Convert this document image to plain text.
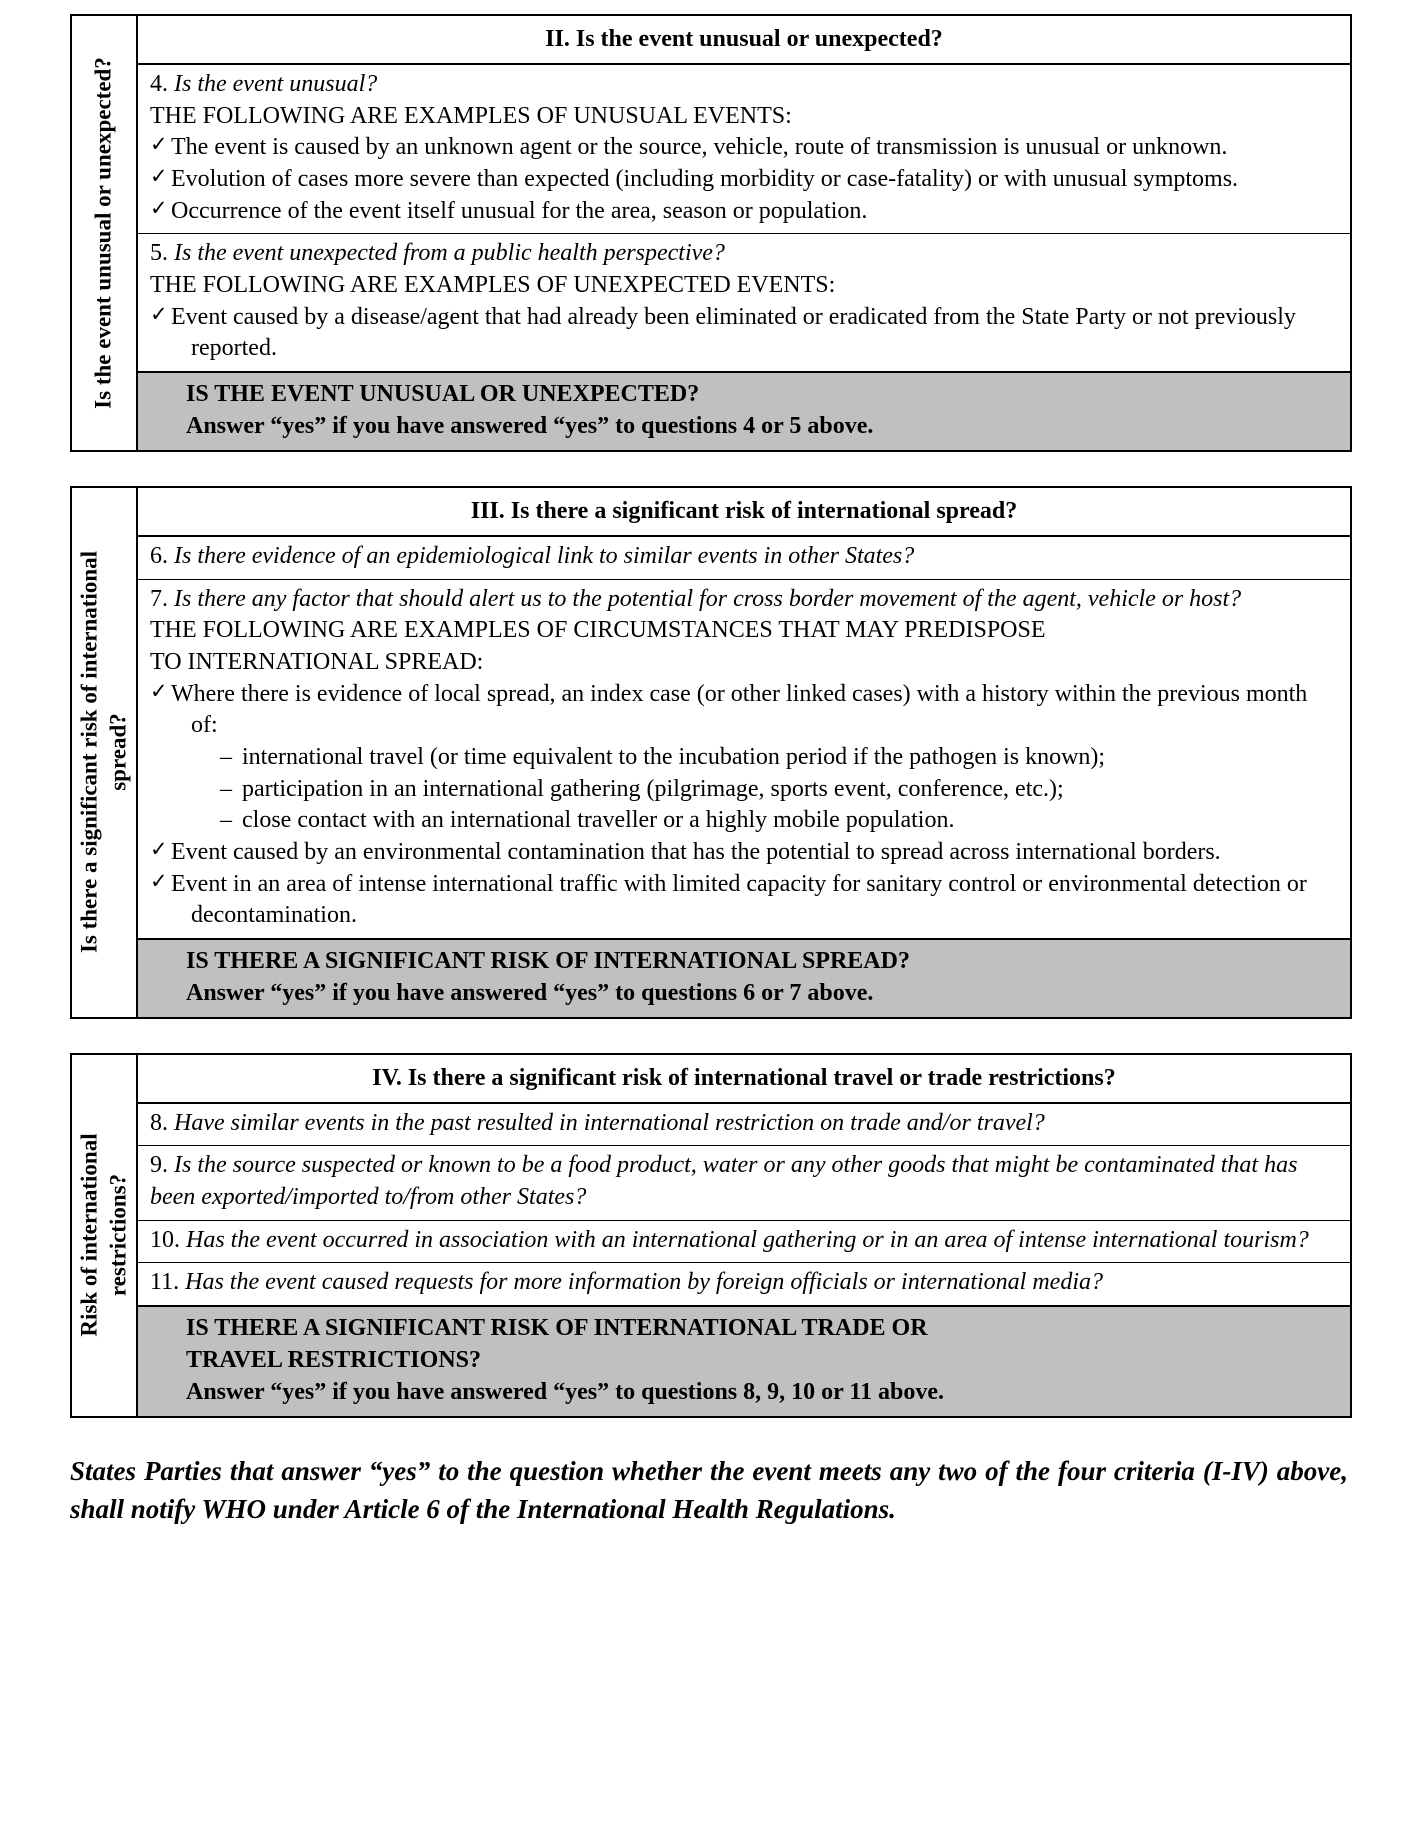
Is the event unusual or unexpected?
II. Is the event unusual or unexpected?
4. Is the event unusual?
THE FOLLOWING ARE EXAMPLES OF UNUSUAL EVENTS:
✓ The event is caused by an unknown agent or the source, vehicle, route of transmission is unusual or unknown.
✓ Evolution of cases more severe than expected (including morbidity or case-fatality) or with unusual symptoms.
✓ Occurrence of the event itself unusual for the area, season or population.
5. Is the event unexpected from a public health perspective?
THE FOLLOWING ARE EXAMPLES OF UNEXPECTED EVENTS:
✓ Event caused by a disease/agent that had already been eliminated or eradicated from the State Party or not previously reported.
IS THE EVENT UNUSUAL OR UNEXPECTED?
Answer “yes” if you have answered “yes” to questions 4 or 5 above.
Is there a significant risk of international spread?
III. Is there a significant risk of international spread?
6. Is there evidence of an epidemiological link to similar events in other States?
7. Is there any factor that should alert us to the potential for cross border movement of the agent, vehicle or host?
THE FOLLOWING ARE EXAMPLES OF CIRCUMSTANCES THAT MAY PREDISPOSE
TO INTERNATIONAL SPREAD:
✓ Where there is evidence of local spread, an index case (or other linked cases) with a history within the previous month of:
– international travel (or time equivalent to the incubation period if the pathogen is known);
– participation in an international gathering (pilgrimage, sports event, conference, etc.);
– close contact with an international traveller or a highly mobile population.
✓ Event caused by an environmental contamination that has the potential to spread across international borders.
✓ Event in an area of intense international traffic with limited capacity for sanitary control or environmental detection or decontamination.
IS THERE A SIGNIFICANT RISK OF INTERNATIONAL SPREAD?
Answer “yes” if you have answered “yes” to questions 6 or 7 above.
Risk of international restrictions?
IV. Is there a significant risk of international travel or trade restrictions?
8. Have similar events in the past resulted in international restriction on trade and/or travel?
9. Is the source suspected or known to be a food product, water or any other goods that might be contaminated that has been exported/imported to/from other States?
10. Has the event occurred in association with an international gathering or in an area of intense international tourism?
11. Has the event caused requests for more information by foreign officials or international media?
IS THERE A SIGNIFICANT RISK OF INTERNATIONAL TRADE OR
TRAVEL RESTRICTIONS?
Answer “yes” if you have answered “yes” to questions 8, 9, 10 or 11 above.
States Parties that answer “yes” to the question whether the event meets any two of the four criteria (I-IV) above, shall notify WHO under Article 6 of the International Health Regulations.
